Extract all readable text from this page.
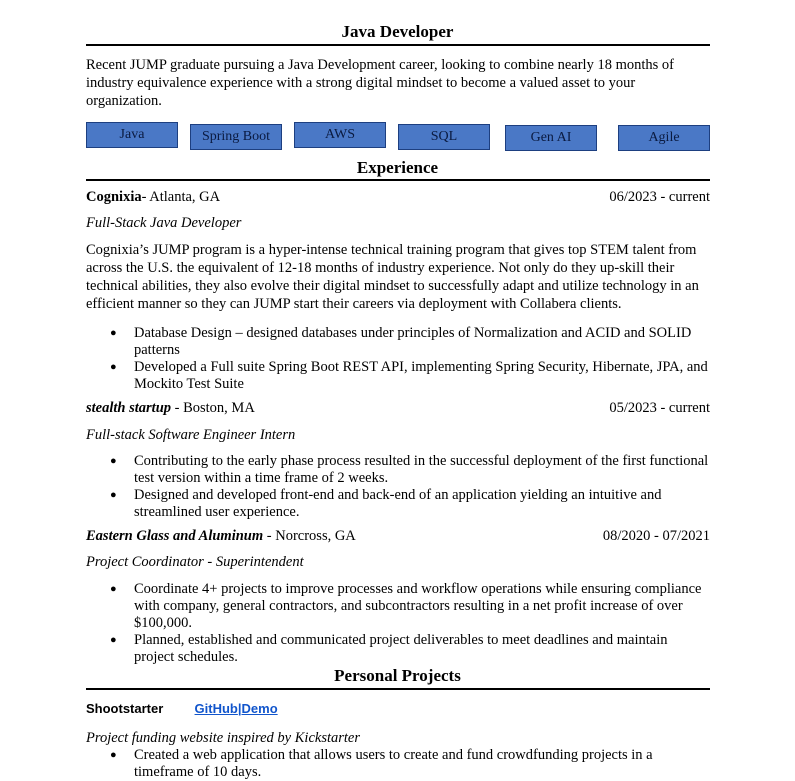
Java Developer
Recent JUMP graduate pursuing a Java Development career, looking to combine nearly 18 months of industry equivalence experience with a strong digital mindset to become a valued asset to your organization.
Java	Spring Boot	AWS	SQL	Gen AI	Agile
Experience
Cognixia- Atlanta, GA	06/2023 - current
Full-Stack Java Developer
Cognixia’s JUMP program is a hyper-intense technical training program that gives top STEM talent from across the U.S. the equivalent of 12-18 months of industry experience. Not only do they up-skill their technical abilities, they also evolve their digital mindset to successfully adapt and utilize technology in an efficient manner so they can JUMP start their careers via deployment with Collabera clients.
● Database Design – designed databases under principles of Normalization and ACID and SOLID patterns
● Developed a Full suite Spring Boot REST API, implementing Spring Security, Hibernate, JPA, and Mockito Test Suite
stealth startup - Boston, MA	05/2023 - current
Full-stack Software Engineer Intern
● Contributing to the early phase process resulted in the successful deployment of the first functional test version within a time frame of 2 weeks.
● Designed and developed front-end and back-end of an application yielding an intuitive and streamlined user experience.
Eastern Glass and Aluminum - Norcross, GA	08/2020 - 07/2021
Project Coordinator - Superintendent
● Coordinate 4+ projects to improve processes and workflow operations while ensuring compliance with company, general contractors, and subcontractors resulting in a net profit increase of over $100,000.
● Planned, established and communicated project deliverables to meet deadlines and maintain project schedules.
Personal Projects
Shootstarter GitHub|Demo
Project funding website inspired by Kickstarter
● Created a web application that allows users to create and fund crowdfunding projects in a timeframe of 10 days.
